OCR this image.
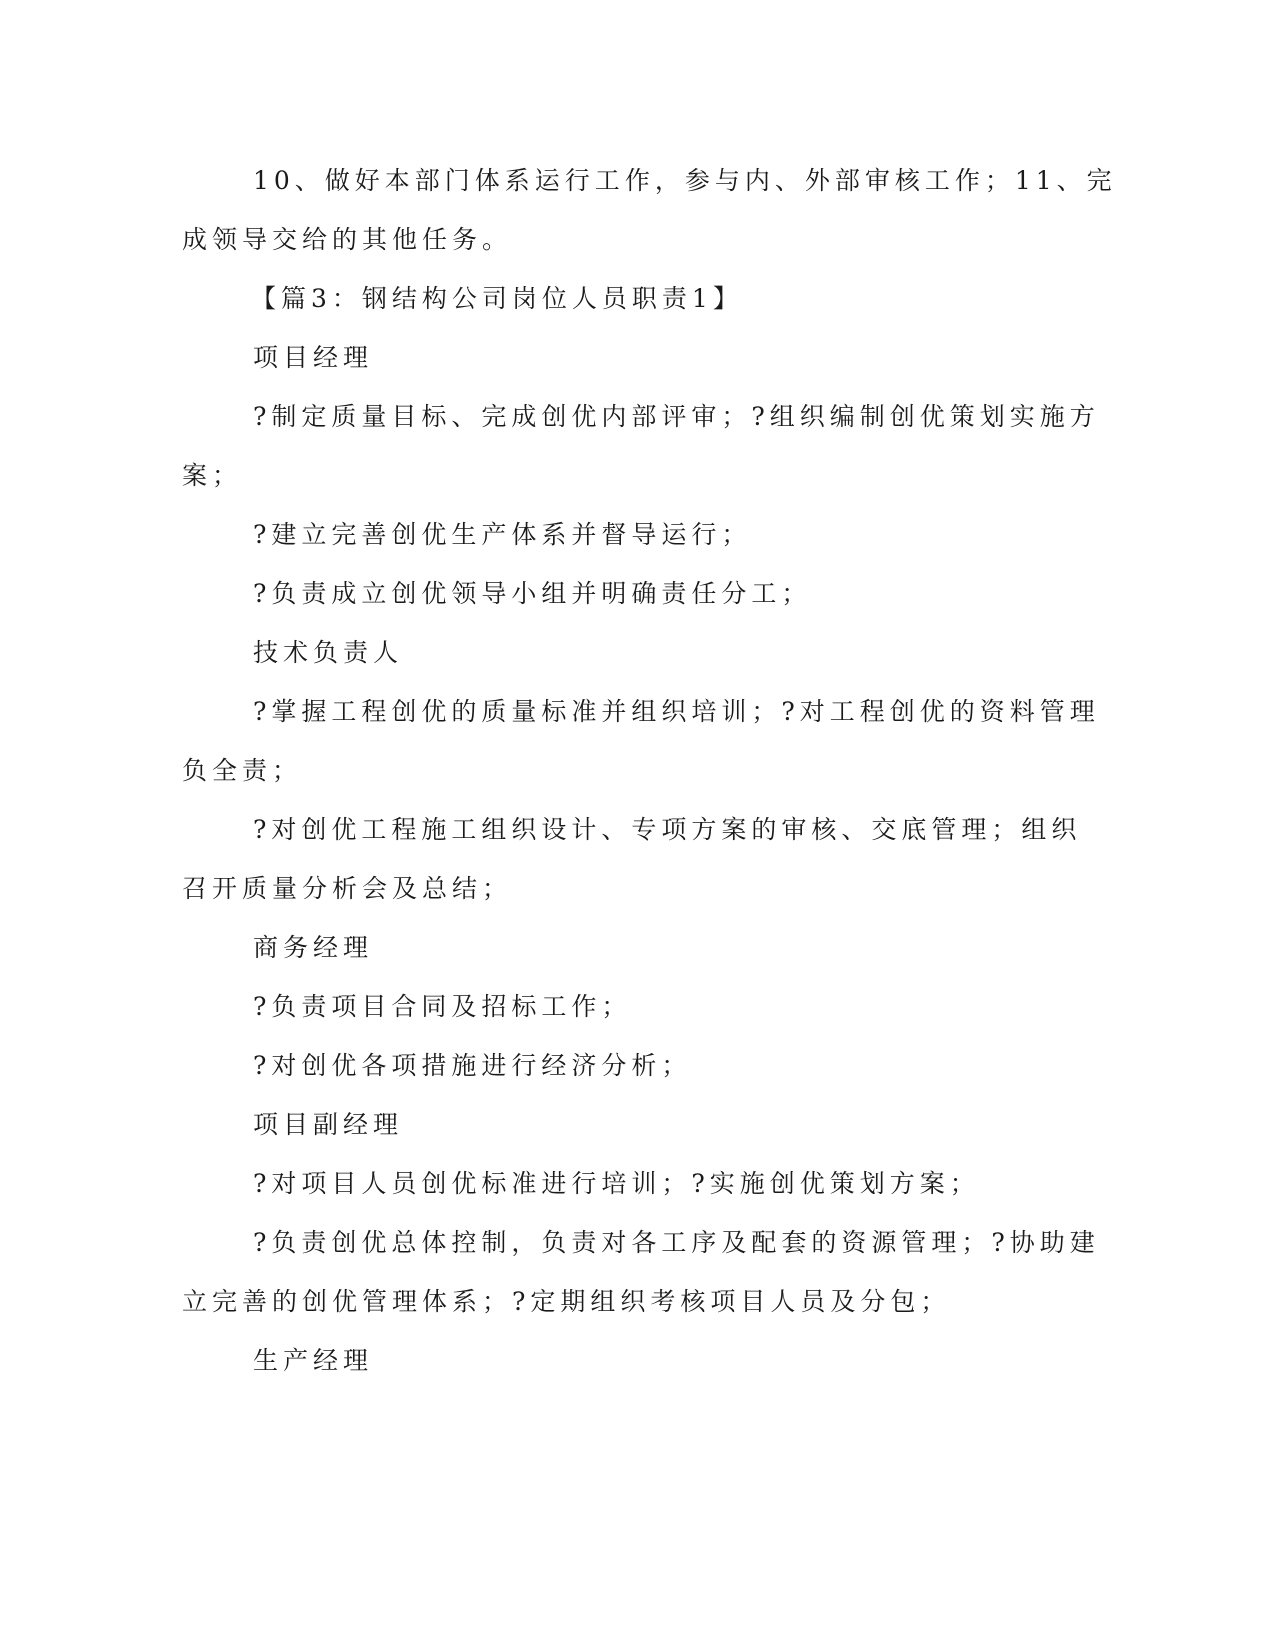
10、做好本部门体系运行工作，参与内、外部审核工作；11、完
成领导交给的其他任务。
【篇3：钢结构公司岗位人员职责1】
项目经理
?制定质量目标、完成创优内部评审；?组织编制创优策划实施方
案；
?建立完善创优生产体系并督导运行；
?负责成立创优领导小组并明确责任分工；
技术负责人
?掌握工程创优的质量标准并组织培训；?对工程创优的资料管理
负全责；
?对创优工程施工组织设计、专项方案的审核、交底管理；组织
召开质量分析会及总结；
商务经理
?负责项目合同及招标工作；
?对创优各项措施进行经济分析；
项目副经理
?对项目人员创优标准进行培训；?实施创优策划方案；
?负责创优总体控制，负责对各工序及配套的资源管理；?协助建
立完善的创优管理体系；?定期组织考核项目人员及分包；
生产经理
